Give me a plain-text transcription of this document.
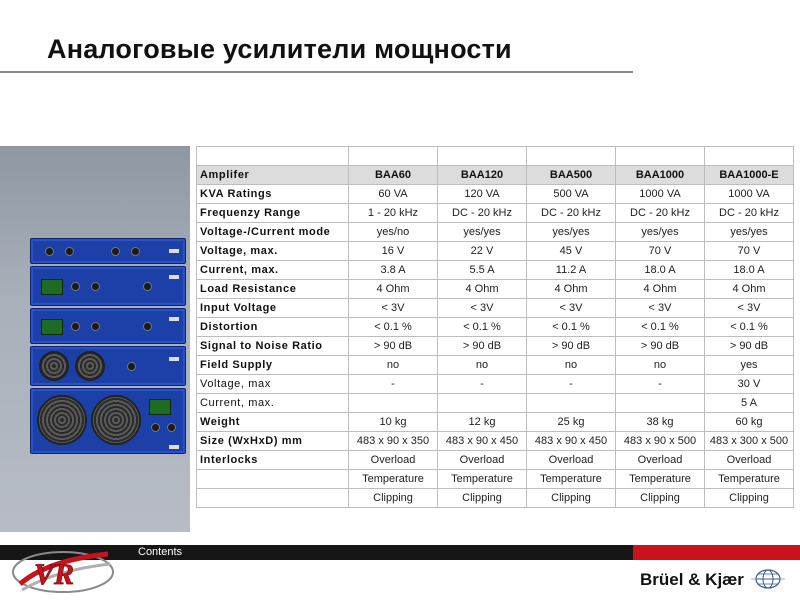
Аналоговые усилители мощности

Amplifer	BAA60	BAA120	BAA500	BAA1000	BAA1000-E
KVA Ratings	60 VA	120 VA	500 VA	1000 VA	1000 VA
Frequenzy Range	1 - 20 kHz	DC - 20 kHz	DC - 20 kHz	DC - 20 kHz	DC - 20 kHz
Voltage-/Current mode	yes/no	yes/yes	yes/yes	yes/yes	yes/yes
Voltage, max.	16 V	22 V	45 V	70 V	70 V
Current, max.	3.8 A	5.5 A	11.2 A	18.0 A	18.0 A
Load Resistance	4 Ohm	4 Ohm	4 Ohm	4 Ohm	4 Ohm
Input Voltage	< 3V	< 3V	< 3V	< 3V	< 3V
Distortion	< 0.1 %	< 0.1 %	< 0.1 %	< 0.1 %	< 0.1 %
Signal to Noise Ratio	> 90 dB	> 90 dB	> 90 dB	> 90 dB	> 90 dB
Field Supply	no	no	no	no	yes
Voltage, max	-	-	-	-	30 V
Current, max.					5 A
Weight	10 kg	12 kg	25 kg	38 kg	60 kg
Size (WxHxD) mm	483 x 90 x 350	483 x 90 x 450	483 x 90 x 450	483 x 90 x 500	483 x 300 x 500
Interlocks	Overload	Overload	Overload	Overload	Overload
	Temperature	Temperature	Temperature	Temperature	Temperature
	Clipping	Clipping	Clipping	Clipping	Clipping
Contents
VR	Brüel & Kjær
